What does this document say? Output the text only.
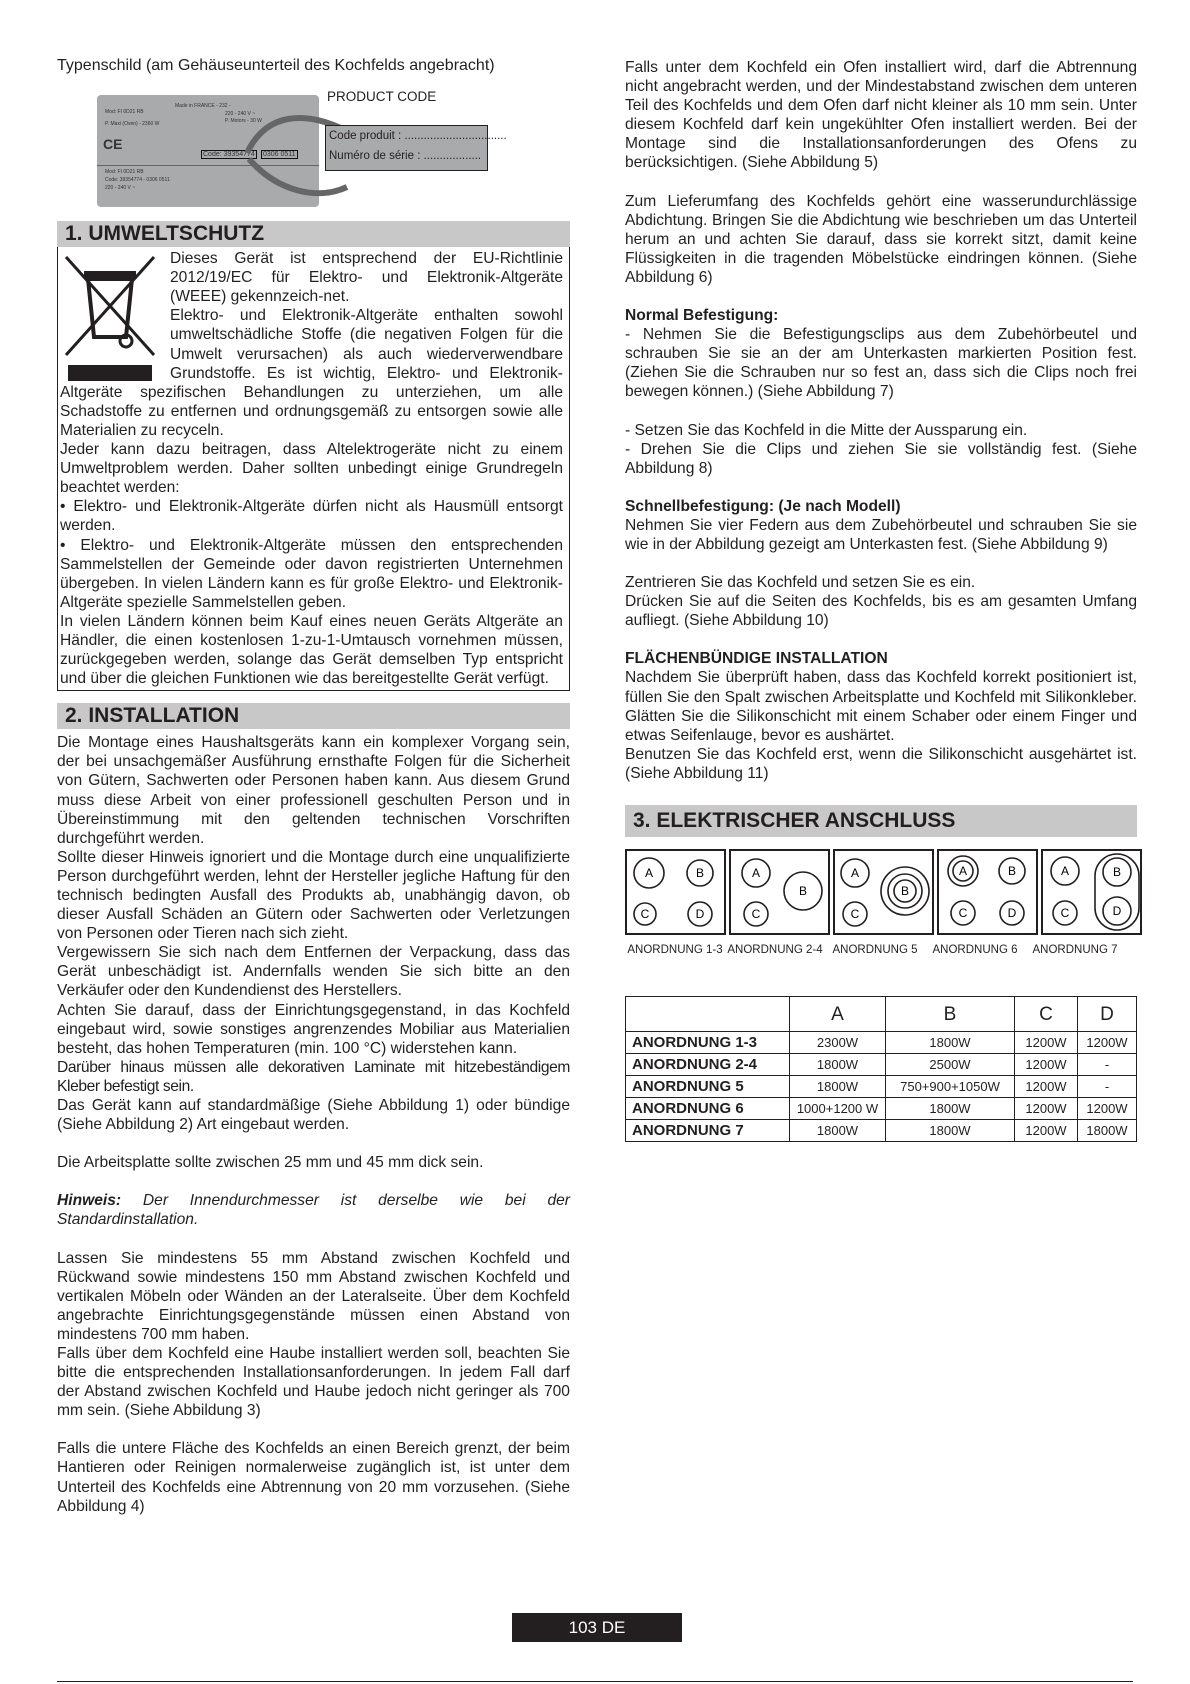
Typenschild (am Gehäuseunterteil des Kochfelds angebracht)

Mod: FI 0D21 RB
P. Maxi (Oven) - 2360 W
Made in FRANCE - 232 -
220 - 240 V ~
P. Motors - 30 W
CE
Code: 39354774 0306 0511
Mod: FI 0D21 RB
Code: 39354774 - 0306 0511
220 - 240 V ~
PRODUCT CODE
Code produit : ................................
Numéro de série : ..................
1. UMWELTSCHUTZ

Dieses Gerät ist entsprechend der EU-Richtlinie 2012/19/EC für Elektro- und Elektronik-Altgeräte (WEEE) gekennzeich-net.

Elektro- und Elektronik-Altgeräte enthalten sowohl umweltschädliche Stoffe (die negativen Folgen für die Umwelt verursachen) als auch wiederverwendbare Grundstoffe. Es ist wichtig, Elektro- und Elektronik-Altgeräte spezifischen Behandlungen zu unterziehen, um alle Schadstoffe zu entfernen und ordnungsgemäß zu entsorgen sowie alle Materialien zu recyceln.

Jeder kann dazu beitragen, dass Altelektrogeräte nicht zu einem Umweltproblem werden. Daher sollten unbedingt einige Grundregeln beachtet werden:

• Elektro- und Elektronik-Altgeräte dürfen nicht als Hausmüll entsorgt werden.

• Elektro- und Elektronik-Altgeräte müssen den entsprechenden Sammelstellen der Gemeinde oder davon registrierten Unternehmen übergeben. In vielen Ländern kann es für große Elektro- und Elektronik-Altgeräte spezielle Sammelstellen geben.

In vielen Ländern können beim Kauf eines neuen Geräts Altgeräte an Händler, die einen kostenlosen 1-zu-1-Umtausch vornehmen müssen, zurückgegeben werden, solange das Gerät demselben Typ entspricht und über die gleichen Funktionen wie das bereitgestellte Gerät verfügt.

2. INSTALLATION

Die Montage eines Haushaltsgeräts kann ein komplexer Vorgang sein, der bei unsachgemäßer Ausführung ernsthafte Folgen für die Sicherheit von Gütern, Sachwerten oder Personen haben kann. Aus diesem Grund muss diese Arbeit von einer professionell geschulten Person und in Übereinstimmung mit den geltenden technischen Vorschriften durchgeführt werden.

Sollte dieser Hinweis ignoriert und die Montage durch eine unqualifizierte Person durchgeführt werden, lehnt der Hersteller jegliche Haftung für den technisch bedingten Ausfall des Produkts ab, unabhängig davon, ob dieser Ausfall Schäden an Gütern oder Sachwerten oder Verletzungen von Personen oder Tieren nach sich zieht.

Vergewissern Sie sich nach dem Entfernen der Verpackung, dass das Gerät unbeschädigt ist. Andernfalls wenden Sie sich bitte an den Verkäufer oder den Kundendienst des Herstellers.

Achten Sie darauf, dass der Einrichtungsgegenstand, in das Kochfeld eingebaut wird, sowie sonstiges angrenzendes Mobiliar aus Materialien besteht, das hohen Temperaturen (min. 100 °C) widerstehen kann.

Darüber hinaus müssen alle dekorativen Laminate mit hitzebeständigem Kleber befestigt sein.

Das Gerät kann auf standardmäßige (Siehe Abbildung 1) oder bündige (Siehe Abbildung 2) Art eingebaut werden.

Die Arbeitsplatte sollte zwischen 25 mm und 45 mm dick sein.

Hinweis: Der Innendurchmesser ist derselbe wie bei der Standardinstallation.

Lassen Sie mindestens 55 mm Abstand zwischen Kochfeld und Rückwand sowie mindestens 150 mm Abstand zwischen Kochfeld und vertikalen Möbeln oder Wänden an der Lateralseite. Über dem Kochfeld angebrachte Einrichtungsgegenstände müssen einen Abstand von mindestens 700 mm haben.

Falls über dem Kochfeld eine Haube installiert werden soll, beachten Sie bitte die entsprechenden Installationsanforderungen. In jedem Fall darf der Abstand zwischen Kochfeld und Haube jedoch nicht geringer als 700 mm sein. (Siehe Abbildung 3)

Falls die untere Fläche des Kochfelds an einen Bereich grenzt, der beim Hantieren oder Reinigen normalerweise zugänglich ist, ist unter dem Unterteil des Kochfelds eine Abtrennung von 20 mm vorzusehen. (Siehe Abbildung 4)

Falls unter dem Kochfeld ein Ofen installiert wird, darf die Abtrennung nicht angebracht werden, und der Mindestabstand zwischen dem unteren Teil des Kochfelds und dem Ofen darf nicht kleiner als 10 mm sein. Unter diesem Kochfeld darf kein ungekühlter Ofen installiert werden. Bei der Montage sind die Installationsanforderungen des Ofens zu berücksichtigen. (Siehe Abbildung 5)

Zum Lieferumfang des Kochfelds gehört eine wasserundurchlässige Abdichtung. Bringen Sie die Abdichtung wie beschrieben um das Unterteil herum an und achten Sie darauf, dass sie korrekt sitzt, damit keine Flüssigkeiten in die tragenden Möbelstücke eindringen können. (Siehe Abbildung 6)

Normal Befestigung:

- Nehmen Sie die Befestigungsclips aus dem Zubehörbeutel und schrauben Sie sie an der am Unterkasten markierten Position fest. (Ziehen Sie die Schrauben nur so fest an, dass sich die Clips noch frei bewegen können.) (Siehe Abbildung 7)

- Setzen Sie das Kochfeld in die Mitte der Aussparung ein.

- Drehen Sie die Clips und ziehen Sie sie vollständig fest. (Siehe Abbildung 8)

Schnellbefestigung: (Je nach Modell)

Nehmen Sie vier Federn aus dem Zubehörbeutel und schrauben Sie sie wie in der Abbildung gezeigt am Unterkasten fest. (Siehe Abbildung 9)

Zentrieren Sie das Kochfeld und setzen Sie es ein.

Drücken Sie auf die Seiten des Kochfelds, bis es am gesamten Umfang aufliegt. (Siehe Abbildung 10)

FLÄCHENBÜNDIGE INSTALLATION

Nachdem Sie überprüft haben, dass das Kochfeld korrekt positioniert ist, füllen Sie den Spalt zwischen Arbeitsplatte und Kochfeld mit Silikonkleber. Glätten Sie die Silikonschicht mit einem Schaber oder einem Finger und etwas Seifenlauge, bevor es aushärtet.

Benutzen Sie das Kochfeld erst, wenn die Silikonschicht ausgehärtet ist. (Siehe Abbildung 11)

3. ELEKTRISCHER ANSCHLUSS
A	B
C	D
A
B
C
A
B
C
A	B
C	D
A	B
C	D
ANORDNUNG 1-3 ANORDNUNG 2-4 ANORDNUNG 5	ANORDNUNG 6	ANORDNUNG 7
	A	B	C	D
ANORDNUNG 1-3	2300W	1800W	1200W	1200W
ANORDNUNG 2-4	1800W	2500W	1200W	-
ANORDNUNG 5	1800W	750+900+1050W	1200W	-
ANORDNUNG 6	1000+1200 W	1800W	1200W	1200W
ANORDNUNG 7	1800W	1800W	1200W	1800W
103 DE
